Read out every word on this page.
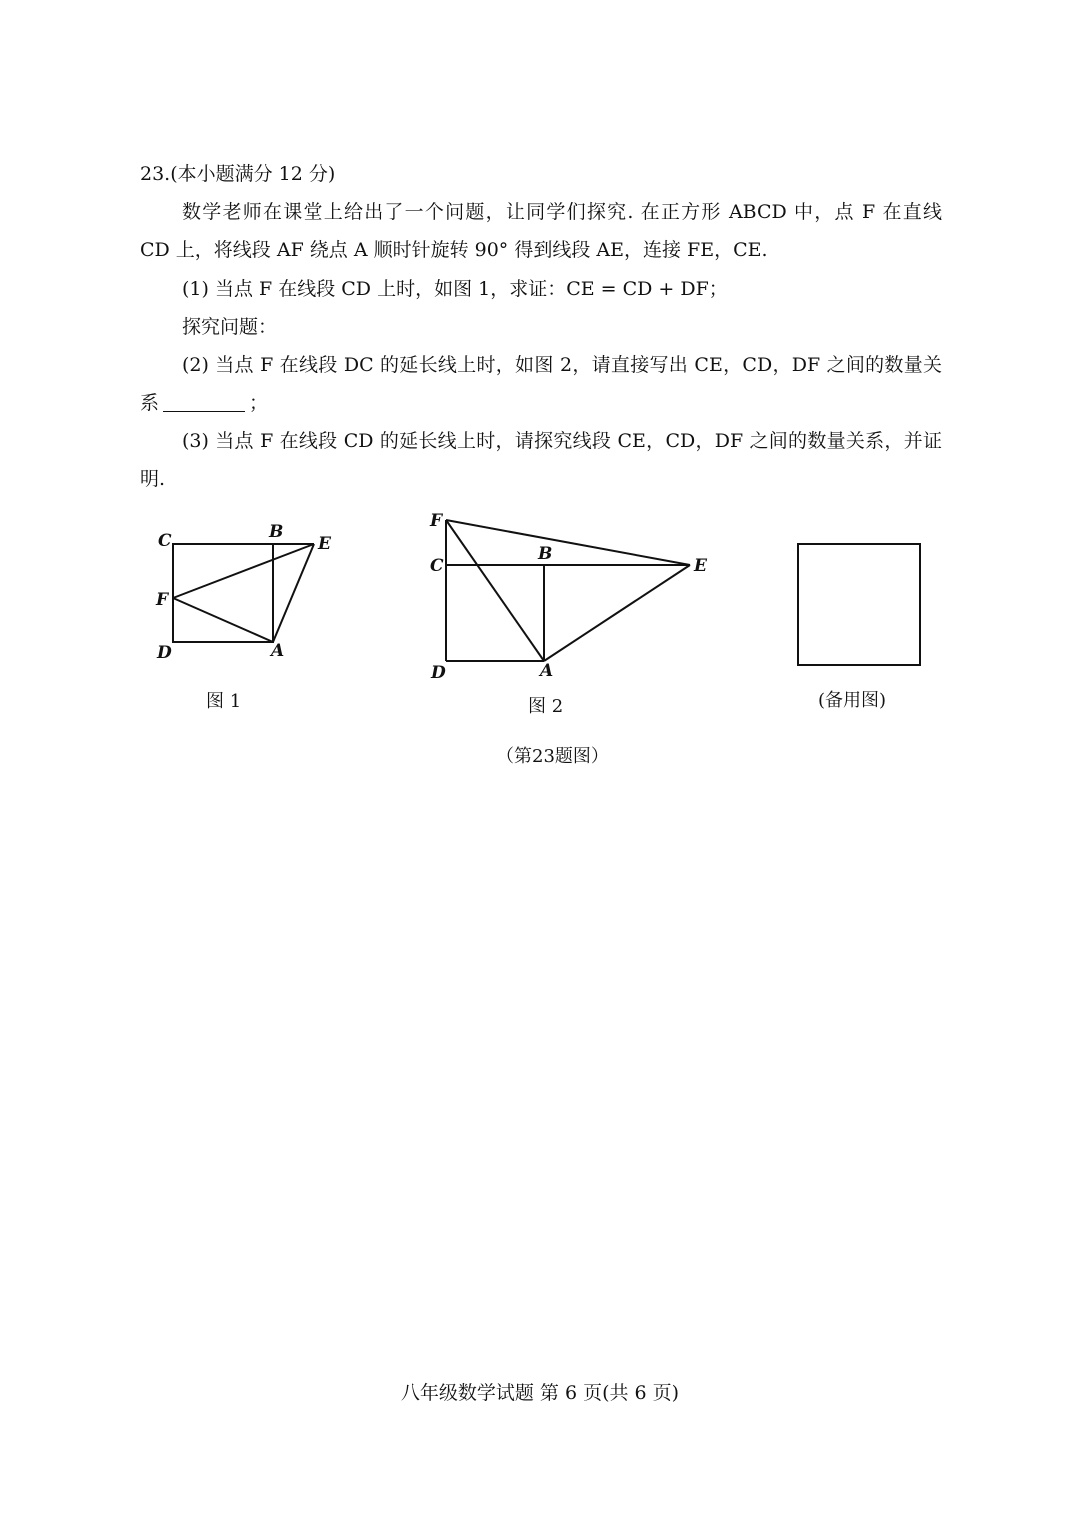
23.(本小题满分 12 分)
数学老师在课堂上给出了一个问题，让同学们探究. 在正方形 ABCD 中，点 F 在直线
CD 上，将线段 AF 绕点 A 顺时针旋转 90° 得到线段 AE，连接 FE，CE.
(1) 当点 F 在线段 CD 上时，如图 1，求证：CE = CD + DF；
探究问题：
(2) 当点 F 在线段 DC 的延长线上时，如图 2，请直接写出 CE，CD，DF 之间的数量关
系	；
(3) 当点 F 在线段 CD 的延长线上时，请探究线段 CE，CD，DF 之间的数量关系，并证
明.
C	B
E
F
D	A
图 1
F
C
B
E
D	A
图 2	(备用图)
（第23题图）
八年级数学试题 第 6 页(共 6 页)
